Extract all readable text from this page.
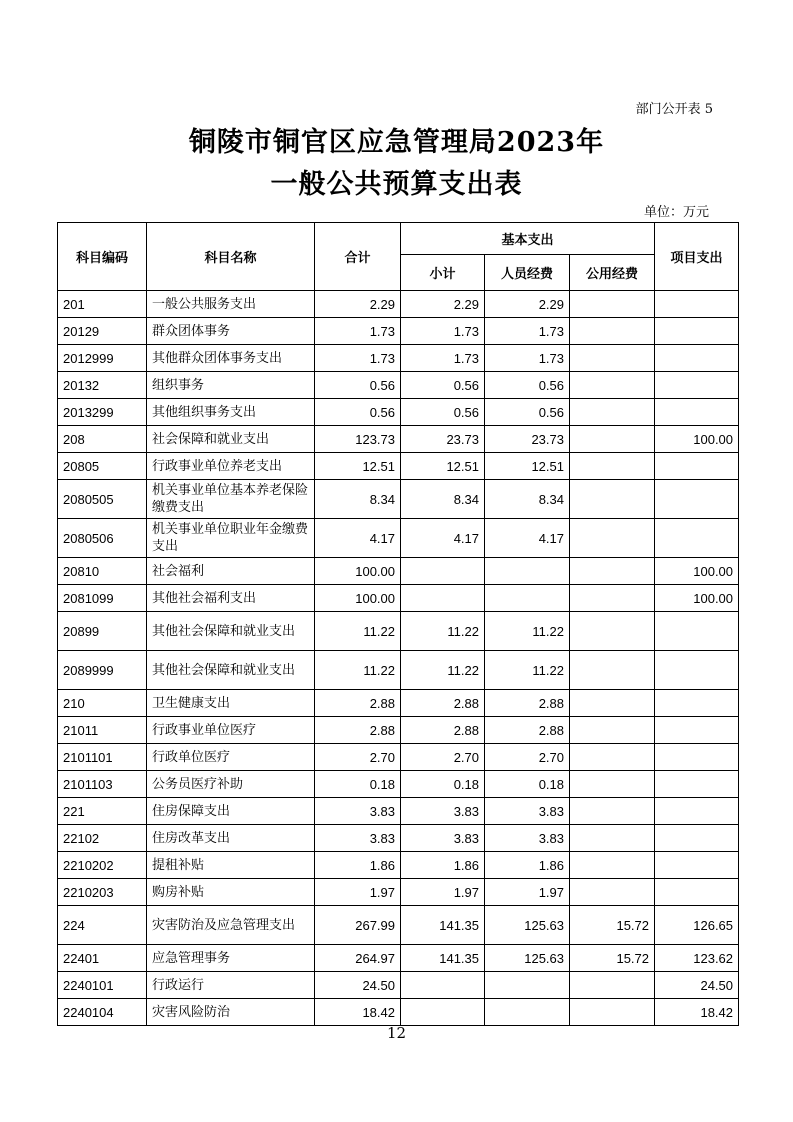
部门公开表 5
铜陵市铜官区应急管理局2023年
一般公共预算支出表
单位：万元
科目编码	科目名称	合计	基本支出			项目支出
			小计	人员经费	公用经费	
201	一般公共服务支出	2.29	2.29	2.29		
20129	群众团体事务	1.73	1.73	1.73		
2012999	其他群众团体事务支出	1.73	1.73	1.73		
20132	组织事务	0.56	0.56	0.56		
2013299	其他组织事务支出	0.56	0.56	0.56		
208	社会保障和就业支出	123.73	23.73	23.73		100.00
20805	行政事业单位养老支出	12.51	12.51	12.51		
2080505	机关事业单位基本养老保险缴费支出	8.34	8.34	8.34		
2080506	机关事业单位职业年金缴费支出	4.17	4.17	4.17		
20810	社会福利	100.00				100.00
2081099	其他社会福利支出	100.00				100.00
20899	其他社会保障和就业支出	11.22	11.22	11.22		
2089999	其他社会保障和就业支出	11.22	11.22	11.22		
210	卫生健康支出	2.88	2.88	2.88		
21011	行政事业单位医疗	2.88	2.88	2.88		
2101101	行政单位医疗	2.70	2.70	2.70		
2101103	公务员医疗补助	0.18	0.18	0.18		
221	住房保障支出	3.83	3.83	3.83		
22102	住房改革支出	3.83	3.83	3.83		
2210202	提租补贴	1.86	1.86	1.86		
2210203	购房补贴	1.97	1.97	1.97		
224	灾害防治及应急管理支出	267.99	141.35	125.63	15.72	126.65
22401	应急管理事务	264.97	141.35	125.63	15.72	123.62
2240101	行政运行	24.50				24.50
2240104	灾害风险防治	18.42				18.42
12
